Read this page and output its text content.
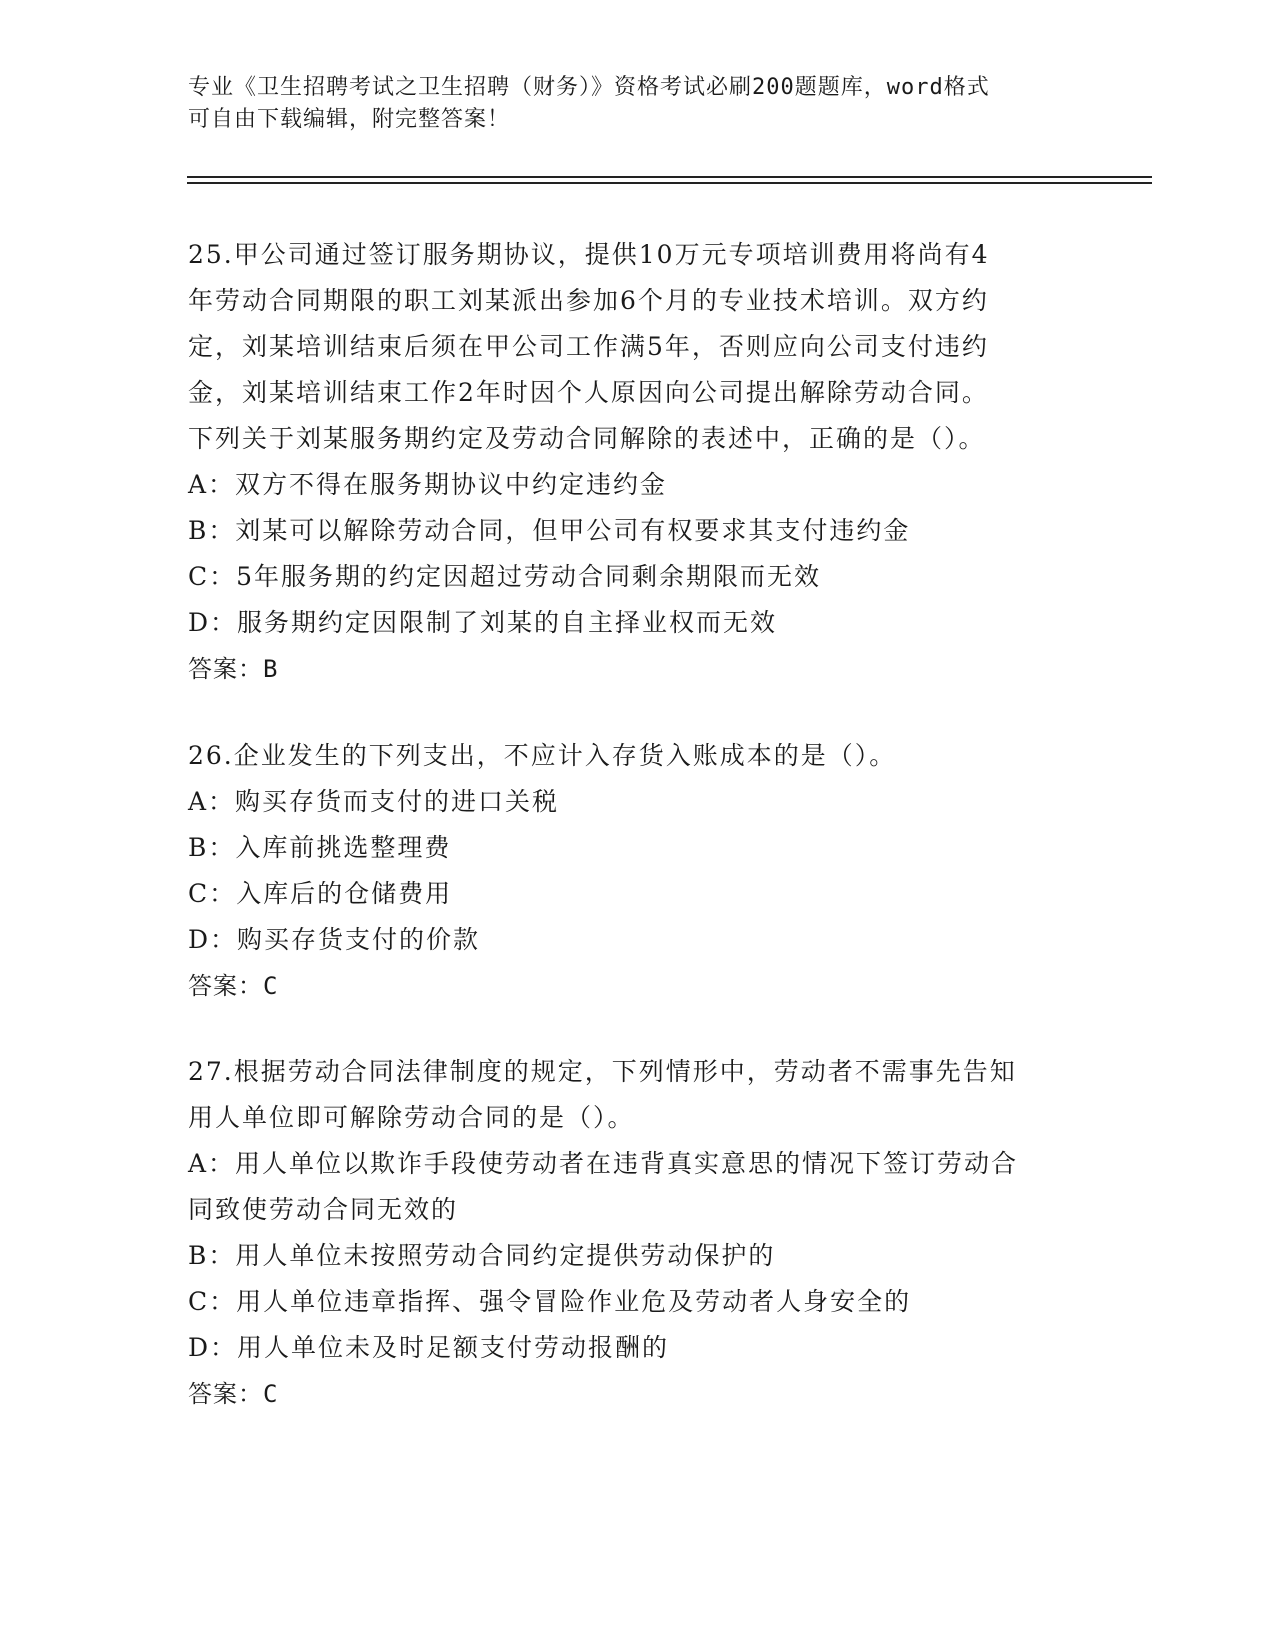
专业《卫生招聘考试之卫生招聘（财务）》资格考试必刷200题题库，word格式
可自由下载编辑，附完整答案！
25.甲公司通过签订服务期协议，提供10万元专项培训费用将尚有4
年劳动合同期限的职工刘某派出参加6个月的专业技术培训。双方约
定，刘某培训结束后须在甲公司工作满5年，否则应向公司支付违约
金，刘某培训结束工作2年时因个人原因向公司提出解除劳动合同。
下列关于刘某服务期约定及劳动合同解除的表述中，正确的是（）。
A：双方不得在服务期协议中约定违约金
B：刘某可以解除劳动合同，但甲公司有权要求其支付违约金
C：5年服务期的约定因超过劳动合同剩余期限而无效
D：服务期约定因限制了刘某的自主择业权而无效
答案：B
26.企业发生的下列支出，不应计入存货入账成本的是（）。
A：购买存货而支付的进口关税
B：入库前挑选整理费
C：入库后的仓储费用
D：购买存货支付的价款
答案：C
27.根据劳动合同法律制度的规定，下列情形中，劳动者不需事先告知
用人单位即可解除劳动合同的是（）。
A：用人单位以欺诈手段使劳动者在违背真实意思的情况下签订劳动合
同致使劳动合同无效的
B：用人单位未按照劳动合同约定提供劳动保护的
C：用人单位违章指挥、强令冒险作业危及劳动者人身安全的
D：用人单位未及时足额支付劳动报酬的
答案：C
